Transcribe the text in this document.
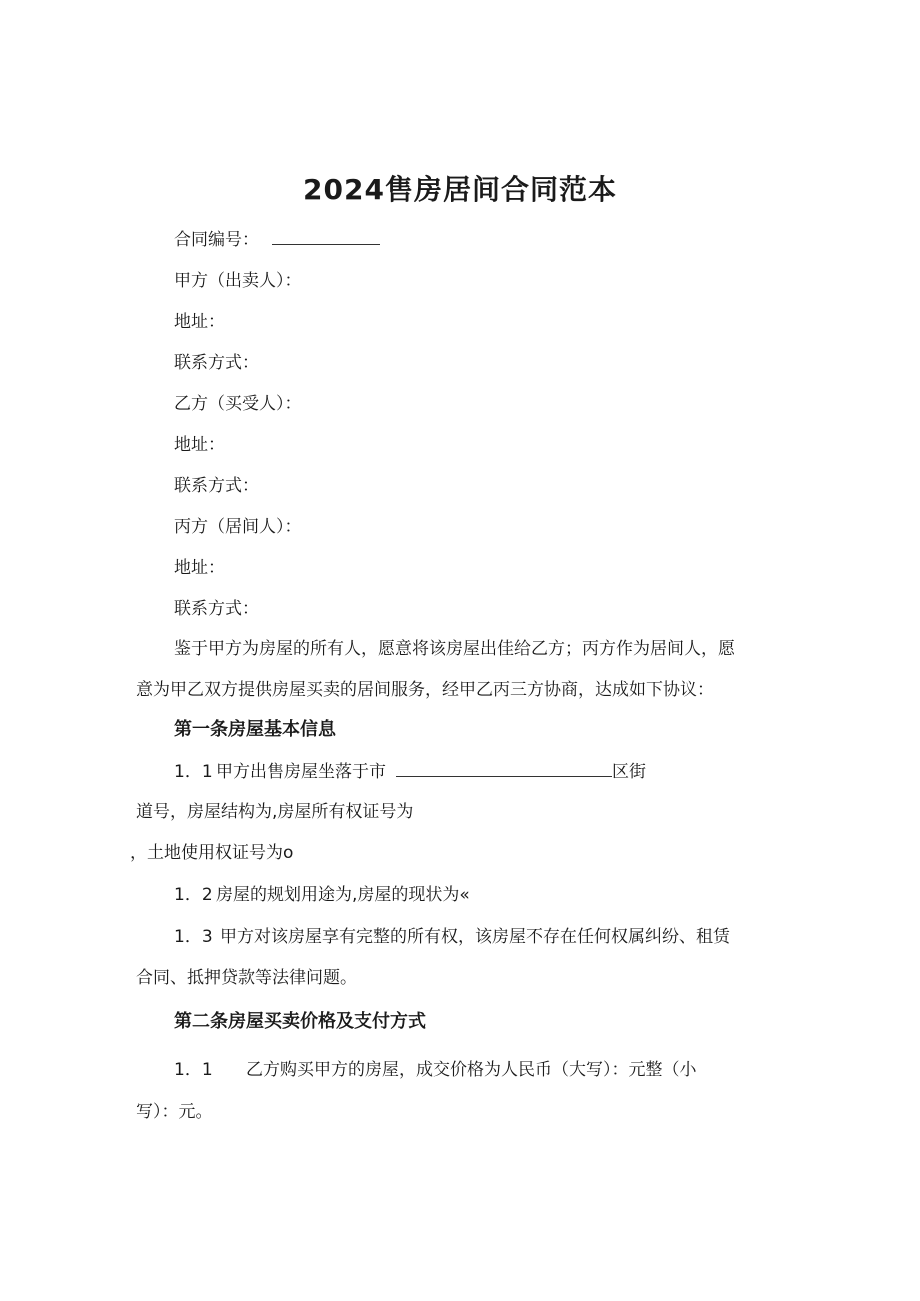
2024售房居间合同范本
合同编号：
甲方（出卖人）：
地址：
联系方式：
乙方（买受人）：
地址：
联系方式：
丙方（居间人）：
地址：
联系方式：
鉴于甲方为房屋的所有人，愿意将该房屋出佳给乙方；丙方作为居间人，愿
意为甲乙双方提供房屋买卖的居间服务，经甲乙丙三方协商，达成如下协议：
第一条房屋基本信息
1．1 甲方出售房屋坐落于市	区街
道号，房屋结构为,房屋所有权证号为
，土地使用权证号为o
1．2 房屋的规划用途为,房屋的现状为«
1．3 甲方对该房屋享有完整的所有权，该房屋不存在任何权属纠纷、租赁
合同、抵押贷款等法律问题。
第二条房屋买卖价格及支付方式
1．1 乙方购买甲方的房屋，成交价格为人民币（大写）：元整（小
写）：元。
